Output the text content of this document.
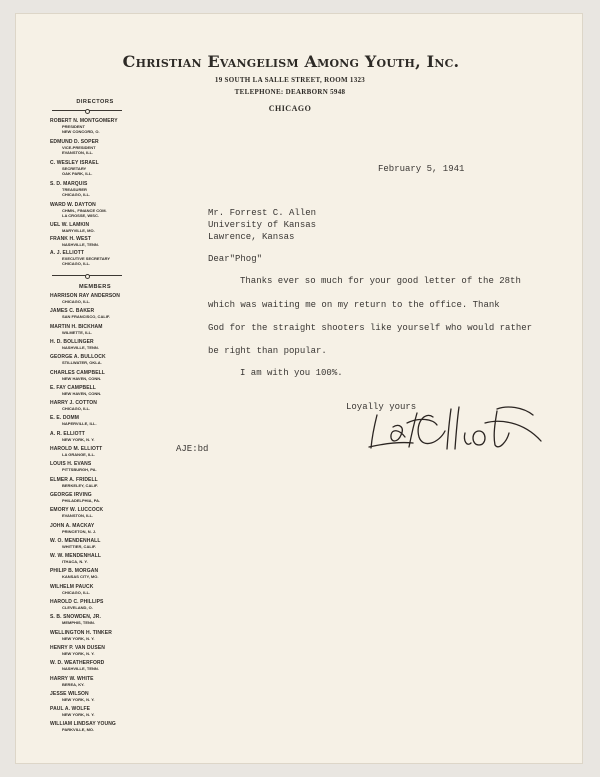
Christian Evangelism Among Youth, Inc.
19 SOUTH LA SALLE STREET, ROOM 1323
TELEPHONE: DEARBORN 5948
CHICAGO
DIRECTORS
ROBERT N. MONTGOMERY
PRESIDENT
NEW CONCORD, O.
EDMUND D. SOPER
VICE-PRESIDENT
EVANSTON, ILL.
C. WESLEY ISRAEL
SECRETARY
OAK PARK, ILL.
S. D. MARQUIS
TREASURER
CHICAGO, ILL.
WARD W. DAYTON
CHMN., FINANCE COM.
LA CROSSE, WISC.
UEL W. LAMKIN
MARYVILLE, MO.
FRANK H. WEST
NASHVILLE, TENN.
A. J. ELLIOTT
EXECUTIVE SECRETARY
CHICAGO, ILL.
MEMBERS
HARRISON RAY ANDERSON
CHICAGO, ILL.
JAMES C. BAKER
SAN FRANCISCO, CALIF.
MARTIN H. BICKHAM
WILMETTE, ILL.
H. D. BOLLINGER
NASHVILLE, TENN.
GEORGE A. BULLOCK
STILLWATER, OKLA.
CHARLES CAMPBELL
NEW HAVEN, CONN.
E. FAY CAMPBELL
NEW HAVEN, CONN.
HARRY J. COTTON
CHICAGO, ILL.
E. E. DOMM
NAPERVILLE, ILL.
A. R. ELLIOTT
NEW YORK, N. Y.
HAROLD M. ELLIOTT
LA GRANGE, ILL.
LOUIS H. EVANS
PITTSBURGH, PA.
ELMER A. FRIDELL
BERKELEY, CALIF.
GEORGE IRVING
PHILADELPHIA, PA.
EMORY W. LUCCOCK
EVANSTON, ILL.
JOHN A. MACKAY
PRINCETON, N. J.
W. O. MENDENHALL
WHITTIER, CALIF.
W. W. MENDENHALL
ITHACA, N. Y.
PHILIP B. MORGAN
KANSAS CITY, MO.
WILHELM PAUCK
CHICAGO, ILL.
HAROLD C. PHILLIPS
CLEVELAND, O.
S. B. SNOWDEN, JR.
MEMPHIS, TENN.
WELLINGTON H. TINKER
NEW YORK, N. Y.
HENRY P. VAN DUSEN
NEW YORK, N. Y.
W. D. WEATHERFORD
NASHVILLE, TENN.
HARRY W. WHITE
BEREA, KY.
JESSE WILSON
NEW YORK, N. Y.
PAUL A. WOLFE
NEW YORK, N. Y.
WILLIAM LINDSAY YOUNG
PARKVILLE, MO.
February 5, 1941
Mr. Forrest C. Allen
University of Kansas
Lawrence, Kansas
Dear"Phog"
Thanks ever so much for your good letter of the 28th
which was waiting me on my return to the office. Thank
God for the straight shooters like yourself who would rather
be right than popular.
I am with you 100%.
Loyally yours
AJE:bd
